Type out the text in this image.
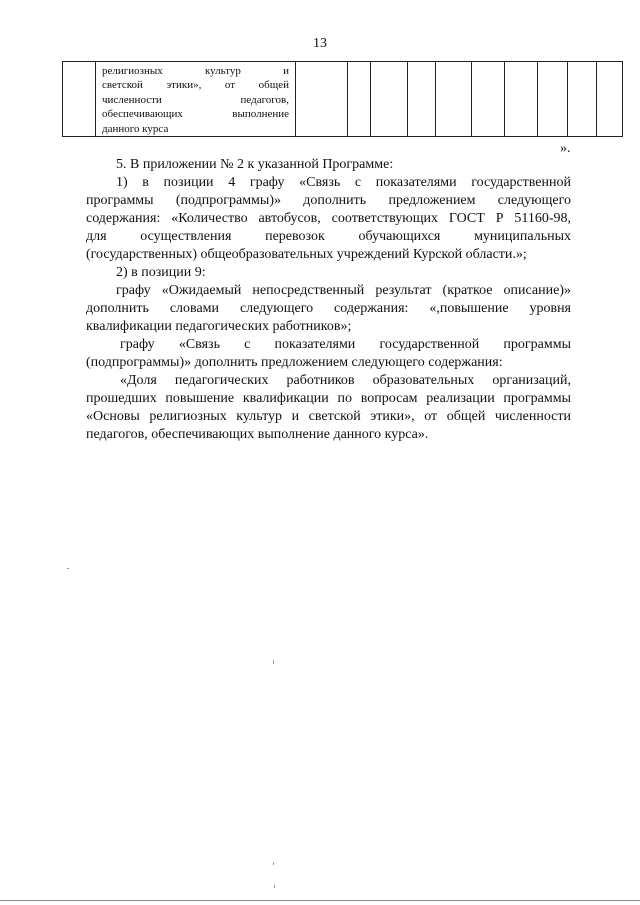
13

религиозных культур и
светской этики», от общей
численности педагогов,
обеспечивающих выполнение
данного курса

».

5. В приложении № 2 к указанной Программе:

1) в позиции 4 графу «Связь с показателями государственной

программы (подпрограммы)» дополнить предложением следующего

содержания: «Количество автобусов, соответствующих ГОСТ Р 51160-98,

для осуществления перевозок обучающихся муниципальных

(государственных) общеобразовательных учреждений Курской области.»;

2) в позиции 9:

графу «Ожидаемый непосредственный результат (краткое описание)»

дополнить словами следующего содержания: «,повышение уровня

квалификации педагогических работников»;

графу «Связь с показателями государственной программы

(подпрограммы)» дополнить предложением следующего содержания:

«Доля педагогических работников образовательных организаций,

прошедших повышение квалификации по вопросам реализации программы

«Основы религиозных культур и светской этики», от общей численности

педагогов, обеспечивающих выполнение данного курса».
